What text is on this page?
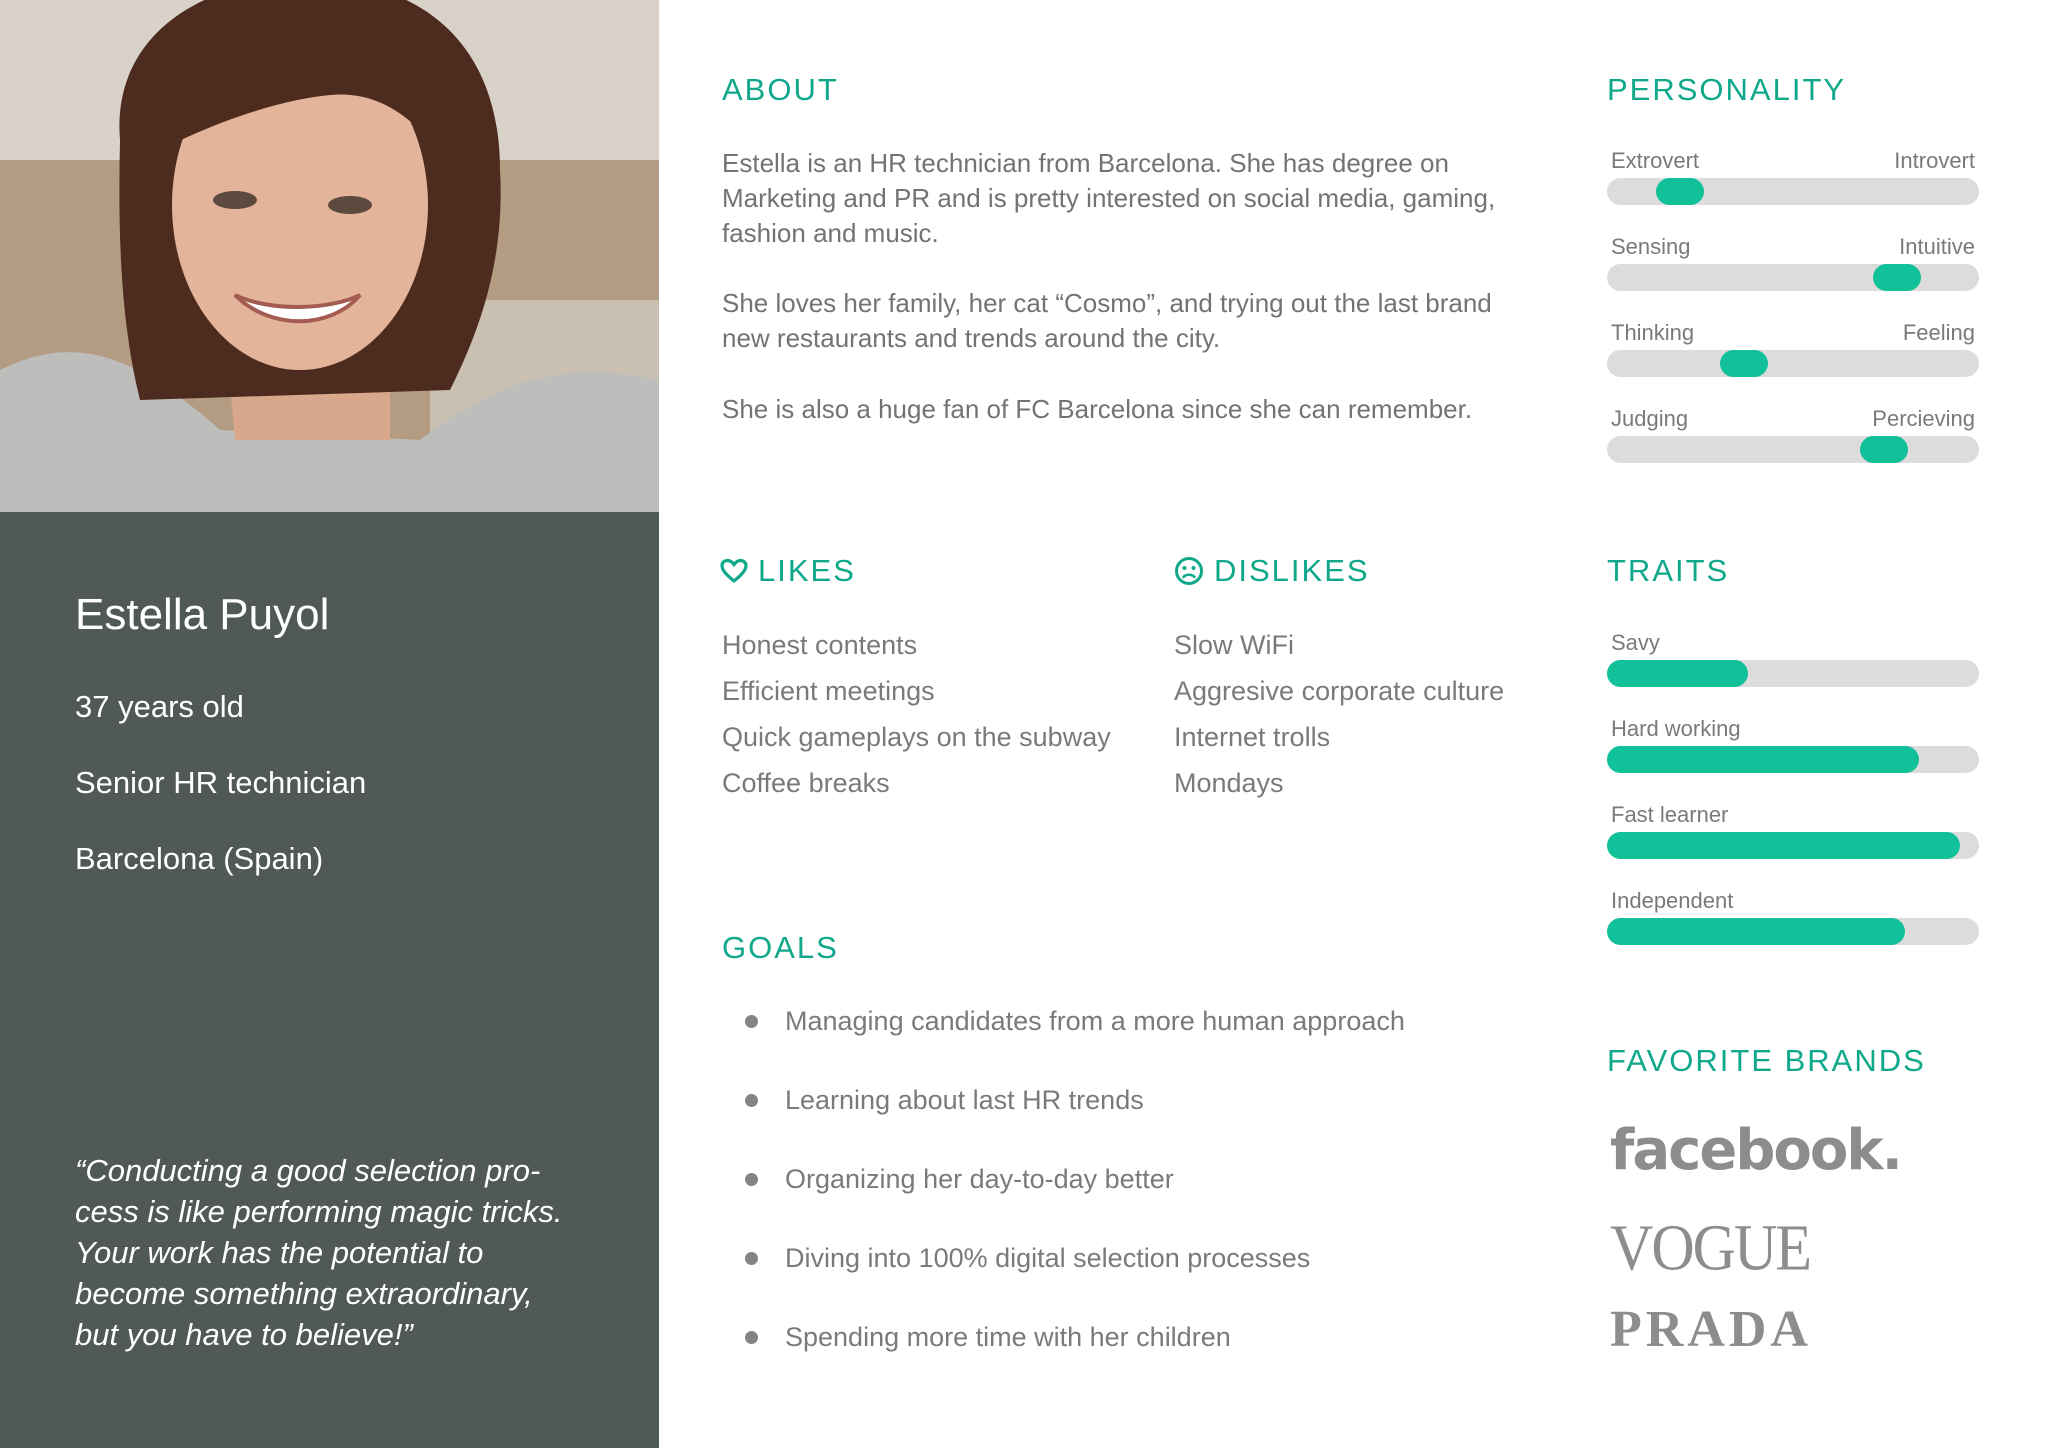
Estella Puyol
37 years old
Senior HR technician
Barcelona (Spain)
“Conducting a good selection pro-cess is like performing magic tricks. Your work has the potential to become something extraordinary, but you have to believe!”
ABOUT
Estella is an HR technician from Barcelona. She has degree on Marketing and PR and is pretty interested on social media, gaming, fashion and music.
She loves her family, her cat “Cosmo”, and trying out the last brand new restaurants and trends around the city.
She is also a huge fan of FC Barcelona since she can remember.
LIKES
Honest contents
Efficient meetings
Quick gameplays on the subway
Coffee breaks
DISLIKES
Slow WiFi
Aggresive corporate culture
Internet trolls
Mondays
GOALS
Managing candidates from a more human approach
Learning about last HR trends
Organizing her day-to-day better
Diving into 100% digital selection processes
Spending more time with her children
PERSONALITY
Extrovert	Introvert
Sensing	Intuitive
Thinking	Feeling
Judging	Percieving
TRAITS
Savy
Hard working
Fast learner
Independent
FAVORITE BRANDS
facebook.
VOGUE
PRADA
